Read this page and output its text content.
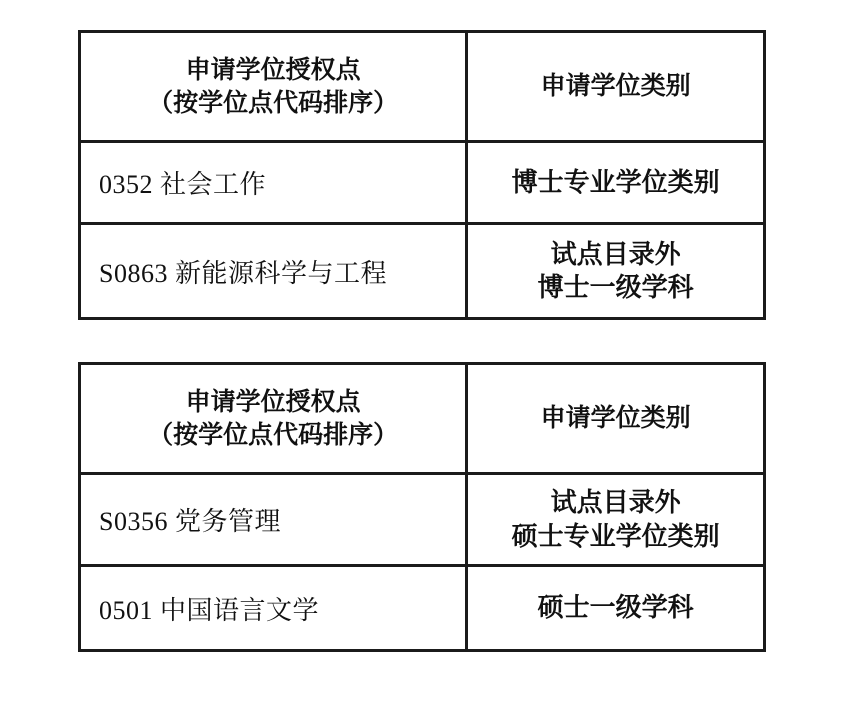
申请学位授权点
（按学位点代码排序）
申请学位类别
0352 社会工作	博士专业学位类别
S0863 新能源科学与工程
试点目录外
博士一级学科
申请学位授权点
（按学位点代码排序）
申请学位类别
S0356 党务管理
试点目录外
硕士专业学位类别
0501 中国语言文学	硕士一级学科
